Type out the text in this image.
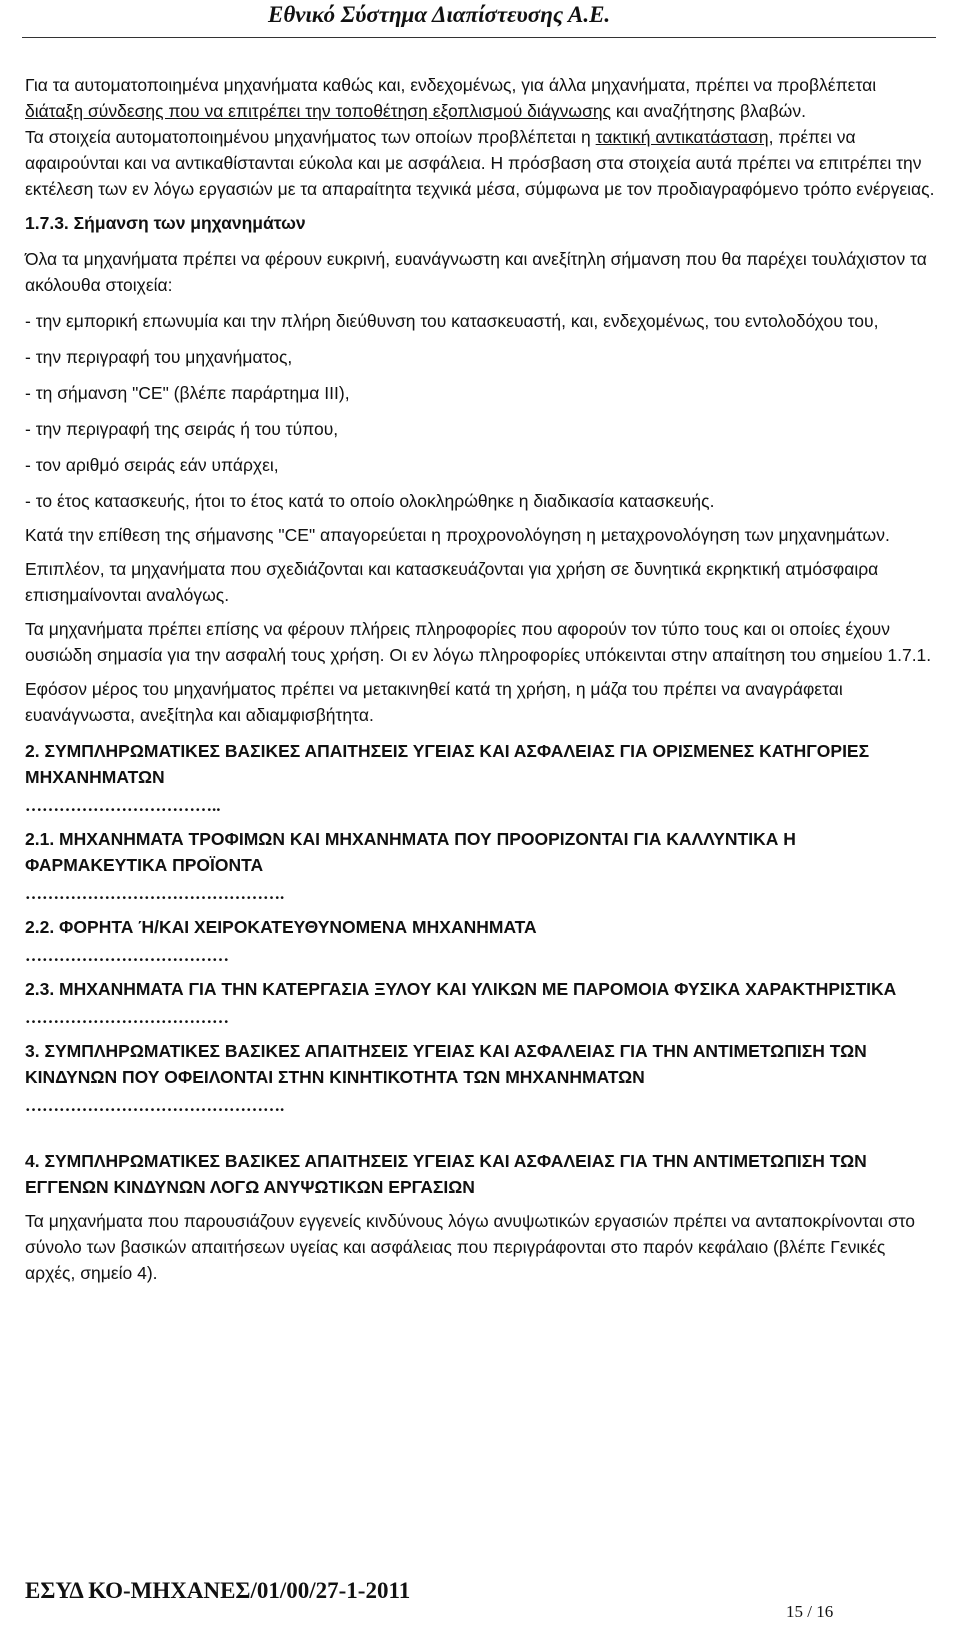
Εθνικό Σύστημα Διαπίστευσης Α.Ε.

Για τα αυτοματοποιημένα μηχανήματα καθώς και, ενδεχομένως, για άλλα μηχανήματα, πρέπει να προβλέπεται διάταξη σύνδεσης που να επιτρέπει την τοποθέτηση εξοπλισμού διάγνωσης και αναζήτησης βλαβών.

Τα στοιχεία αυτοματοποιημένου μηχανήματος των οποίων προβλέπεται η τακτική αντικατάσταση, πρέπει να αφαιρούνται και να αντικαθίστανται εύκολα και με ασφάλεια. Η πρόσβαση στα στοιχεία αυτά πρέπει να επιτρέπει την εκτέλεση των εν λόγω εργασιών με τα απαραίτητα τεχνικά μέσα, σύμφωνα με τον προδιαγραφόμενο τρόπο ενέργειας.

1.7.3. Σήμανση των μηχανημάτων

Όλα τα μηχανήματα πρέπει να φέρουν ευκρινή, ευανάγνωστη και ανεξίτηλη σήμανση που θα παρέχει τουλάχιστον τα ακόλουθα στοιχεία:

- την εμπορική επωνυμία και την πλήρη διεύθυνση του κατασκευαστή, και, ενδεχομένως, του εντολοδόχου του,

- την περιγραφή του μηχανήματος,

- τη σήμανση "CE" (βλέπε παράρτημα ΙΙΙ),

- την περιγραφή της σειράς ή του τύπου,

- τον αριθμό σειράς εάν υπάρχει,

- το έτος κατασκευής, ήτοι το έτος κατά το οποίο ολοκληρώθηκε η διαδικασία κατασκευής.

Κατά την επίθεση της σήμανσης "CE" απαγορεύεται η προχρονολόγηση η μεταχρονολόγηση των μηχανημάτων.

Επιπλέον, τα μηχανήματα που σχεδιάζονται και κατασκευάζονται για χρήση σε δυνητικά εκρηκτική ατμόσφαιρα επισημαίνονται αναλόγως.

Τα μηχανήματα πρέπει επίσης να φέρουν πλήρεις πληροφορίες που αφορούν τον τύπο τους και οι οποίες έχουν ουσιώδη σημασία για την ασφαλή τους χρήση. Οι εν λόγω πληροφορίες υπόκεινται στην απαίτηση του σημείου 1.7.1.

Εφόσον μέρος του μηχανήματος πρέπει να μετακινηθεί κατά τη χρήση, η μάζα του πρέπει να αναγράφεται ευανάγνωστα, ανεξίτηλα και αδιαμφισβήτητα.

2. ΣΥΜΠΛΗΡΩΜΑΤΙΚΕΣ ΒΑΣΙΚΕΣ ΑΠΑΙΤΗΣΕΙΣ ΥΓΕΙΑΣ ΚΑΙ ΑΣΦΑΛΕΙΑΣ ΓΙΑ ΟΡΙΣΜΕΝΕΣ ΚΑΤΗΓΟΡΙΕΣ ΜΗΧΑΝΗΜΑΤΩΝ

……………………………..

2.1. ΜΗΧΑΝΗΜΑΤΑ ΤΡΟΦΙΜΩΝ ΚΑΙ ΜΗΧΑΝΗΜΑΤΑ ΠΟΥ ΠΡΟΟΡΙΖΟΝΤΑΙ ΓΙΑ ΚΑΛΛΥΝΤΙΚΑ Η ΦΑΡΜΑΚΕΥΤΙΚΑ ΠΡΟΪΟΝΤΑ

……………………………………….

2.2. ΦΟΡΗΤΑ Ή/ΚΑΙ ΧΕΙΡΟΚΑΤΕΥΘΥΝΟΜΕΝΑ ΜΗΧΑΝΗΜΑΤΑ

………………………………

2.3. ΜΗΧΑΝΗΜΑΤΑ ΓΙΑ ΤΗΝ ΚΑΤΕΡΓΑΣΙΑ ΞΥΛΟΥ ΚΑΙ ΥΛΙΚΩΝ ΜΕ ΠΑΡΟΜΟΙΑ ΦΥΣΙΚΑ ΧΑΡΑΚΤΗΡΙΣΤΙΚΑ

………………………………

3. ΣΥΜΠΛΗΡΩΜΑΤΙΚΕΣ ΒΑΣΙΚΕΣ ΑΠΑΙΤΗΣΕΙΣ ΥΓΕΙΑΣ ΚΑΙ ΑΣΦΑΛΕΙΑΣ ΓΙΑ ΤΗΝ ΑΝΤΙΜΕΤΩΠΙΣΗ ΤΩΝ ΚΙΝΔΥΝΩΝ ΠΟΥ ΟΦΕΙΛΟΝΤΑΙ ΣΤΗΝ ΚΙΝΗΤΙΚΟΤΗΤΑ ΤΩΝ ΜΗΧΑΝΗΜΑΤΩΝ

……………………………………….

4. ΣΥΜΠΛΗΡΩΜΑΤΙΚΕΣ ΒΑΣΙΚΕΣ ΑΠΑΙΤΗΣΕΙΣ ΥΓΕΙΑΣ ΚΑΙ ΑΣΦΑΛΕΙΑΣ ΓΙΑ ΤΗΝ ΑΝΤΙΜΕΤΩΠΙΣΗ ΤΩΝ ΕΓΓΕΝΩΝ ΚΙΝΔΥΝΩΝ ΛΟΓΩ ΑΝΥΨΩΤΙΚΩΝ ΕΡΓΑΣΙΩΝ

Τα μηχανήματα που παρουσιάζουν εγγενείς κινδύνους λόγω ανυψωτικών εργασιών πρέπει να ανταποκρίνονται στο σύνολο των βασικών απαιτήσεων υγείας και ασφάλειας που περιγράφονται στο παρόν κεφάλαιο (βλέπε Γενικές αρχές, σημείο 4).

ΕΣΥΔ ΚΟ-ΜΗΧΑΝΕΣ/01/00/27-1-2011
15 / 16
